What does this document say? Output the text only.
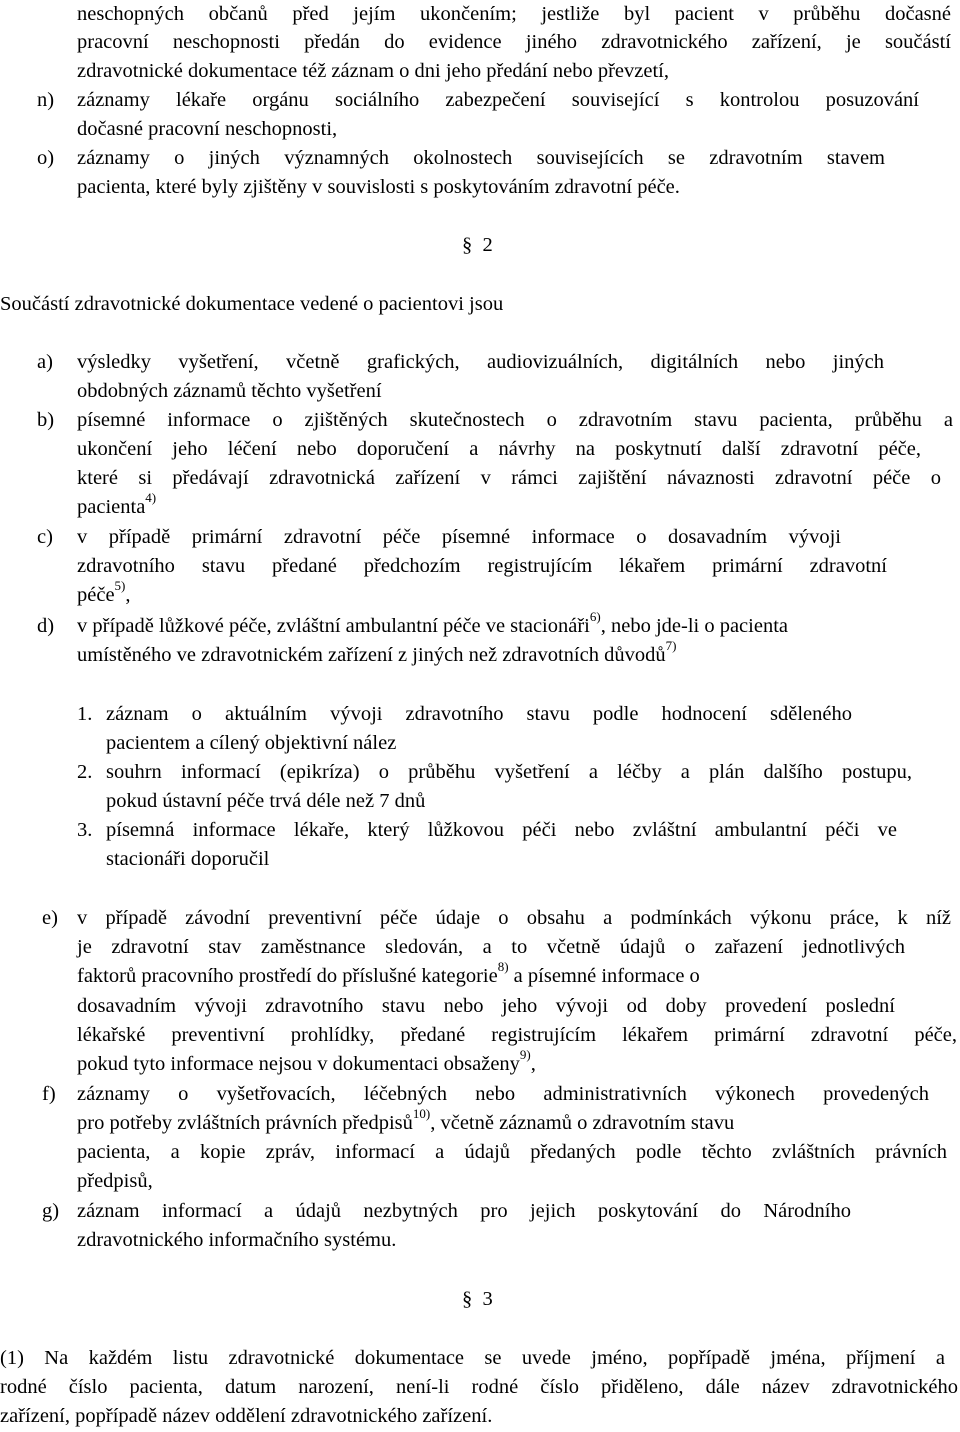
neschopných občanů před jejím ukončením; jestliže byl pacient v průběhu dočasné
pracovní neschopnosti předán do evidence jiného zdravotnického zařízení, je součástí
zdravotnické dokumentace též záznam o dni jeho předání nebo převzetí,
n) záznamy lékaře orgánu sociálního zabezpečení související s kontrolou posuzování
dočasné pracovní neschopnosti,
o) záznamy o jiných významných okolnostech souvisejících se zdravotním stavem
pacienta, které byly zjištěny v souvislosti s poskytováním zdravotní péče.
§ 2
Součástí zdravotnické dokumentace vedené o pacientovi jsou
a) výsledky vyšetření, včetně grafických, audiovizuálních, digitálních nebo jiných
obdobných záznamů těchto vyšetření
b) písemné informace o zjištěných skutečnostech o zdravotním stavu pacienta, průběhu a
ukončení jeho léčení nebo doporučení a návrhy na poskytnutí další zdravotní péče,
které si předávají zdravotnická zařízení v rámci zajištění návaznosti zdravotní péče o
pacienta$^{4)}$
c) v případě primární zdravotní péče písemné informace o dosavadním vývoji
zdravotního stavu předané předchozím registrujícím lékařem primární zdravotní
péče$^{5)}$,
d) v případě lůžkové péče, zvláštní ambulantní péče ve stacionáři$^{6)}$, nebo jde-li o pacienta
umístěného ve zdravotnickém zařízení z jiných než zdravotních důvodů$^{7)}$
1. záznam o aktuálním vývoji zdravotního stavu podle hodnocení sděleného
pacientem a cílený objektivní nález
2. souhrn informací (epikríza) o průběhu vyšetření a léčby a plán dalšího postupu,
pokud ústavní péče trvá déle než 7 dnů
3. písemná informace lékaře, který lůžkovou péči nebo zvláštní ambulantní péči ve
stacionáři doporučil
e) v případě závodní preventivní péče údaje o obsahu a podmínkách výkonu práce, k níž
je zdravotní stav zaměstnance sledován, a to včetně údajů o zařazení jednotlivých
faktorů pracovního prostředí do příslušné kategorie$^{8)}$ a písemné informace o
dosavadním vývoji zdravotního stavu nebo jeho vývoji od doby provedení poslední
lékařské preventivní prohlídky, předané registrujícím lékařem primární zdravotní péče,
pokud tyto informace nejsou v dokumentaci obsaženy$^{9)}$,
f) záznamy o vyšetřovacích, léčebných nebo administrativních výkonech provedených
pro potřeby zvláštních právních předpisů$^{10)}$, včetně záznamů o zdravotním stavu
pacienta, a kopie zpráv, informací a údajů předaných podle těchto zvláštních právních
předpisů,
g) záznam informací a údajů nezbytných pro jejich poskytování do Národního
zdravotnického informačního systému.
§ 3
(1) Na každém listu zdravotnické dokumentace se uvede jméno, popřípadě jména, příjmení a
rodné číslo pacienta, datum narození, není-li rodné číslo přiděleno, dále název zdravotnického
zařízení, popřípadě název oddělení zdravotnického zařízení.
